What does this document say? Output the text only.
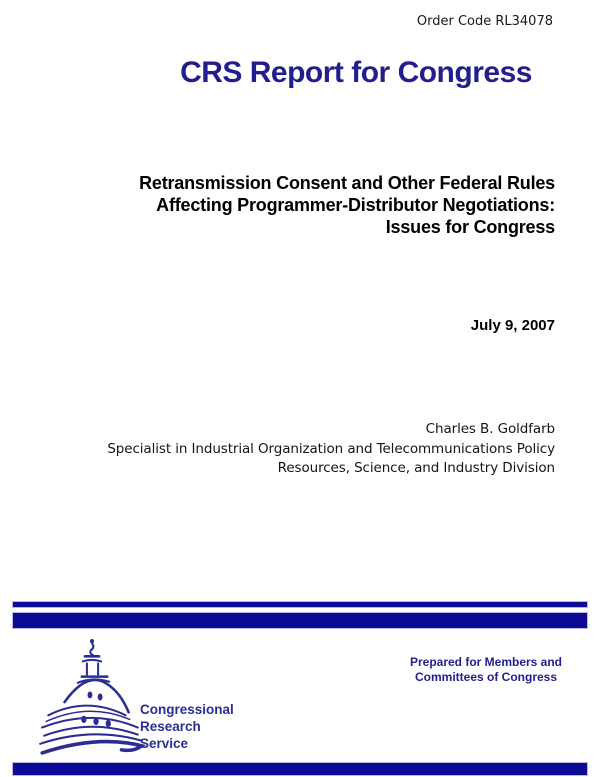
Order Code RL34078
CRS Report for Congress
Retransmission Consent and Other Federal Rules
Affecting Programmer-Distributor Negotiations:
Issues for Congress
July 9, 2007
Charles B. Goldfarb
Specialist in Industrial Organization and Telecommunications Policy
Resources, Science, and Industry Division
Congressional
Research
Service
Prepared for Members and
Committees of Congress
